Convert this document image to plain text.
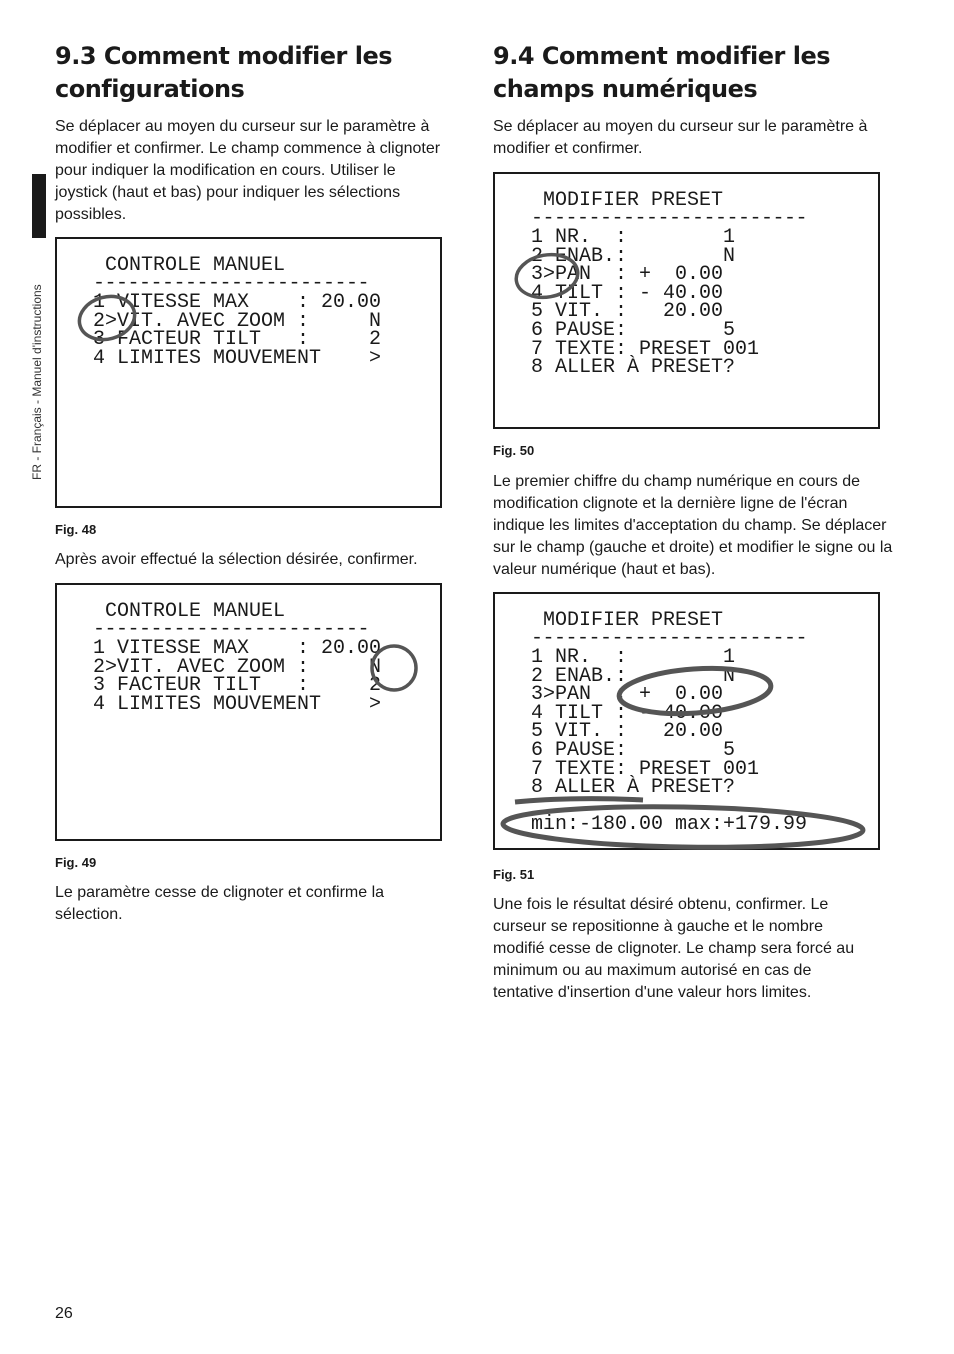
FR - Français - Manuel d'instructions
9.3 Comment modifier les
configurations

Se déplacer au moyen du curseur sur le paramètre à modifier et confirmer. Le champ commence à clignoter pour indiquer la modification en cours. Utiliser le joystick (haut et bas) pour indiquer les sélections possibles.

CONTROLE MANUEL
------------------------
1 VITESSE MAX    : 20.00
2>VIT. AVEC ZOOM :     N
3 FACTEUR TILT   :     2
4 LIMITES MOUVEMENT    >
Fig. 48

Après avoir effectué la sélection désirée, confirmer.

CONTROLE MANUEL
------------------------
1 VITESSE MAX    : 20.00
2>VIT. AVEC ZOOM :     N
3 FACTEUR TILT   :     2
4 LIMITES MOUVEMENT    >
Fig. 49

Le paramètre cesse de clignoter et confirme la sélection.

9.4 Comment modifier les
champs numériques

Se déplacer au moyen du curseur sur le paramètre à modifier et confirmer.

MODIFIER PRESET
------------------------
1 NR.  :        1
2 ENAB.:        N
3>PAN  : +  0.00
4 TILT : - 40.00
5 VIT. :   20.00
6 PAUSE:        5
7 TEXTE: PRESET 001
8 ALLER À PRESET?
Fig. 50

Le premier chiffre du champ numérique en cours de modification clignote et la dernière ligne de l'écran indique les limites d'acceptation du champ. Se déplacer sur le champ (gauche et droite) et modifier le signe ou la valeur numérique (haut et bas).

MODIFIER PRESET
------------------------
1 NR.  :        1
2 ENAB.:        N
3>PAN  : +  0.00
4 TILT : - 40.00
5 VIT. :   20.00
6 PAUSE:        5
7 TEXTE: PRESET 001
8 ALLER À PRESET?
min:-180.00 max:+179.99
Fig. 51

Une fois le résultat désiré obtenu, confirmer. Le curseur se repositionne à gauche et le nombre modifié cesse de clignoter. Le champ sera forcé au minimum ou au maximum autorisé en cas de tentative d'insertion d'une valeur hors limites.

26
